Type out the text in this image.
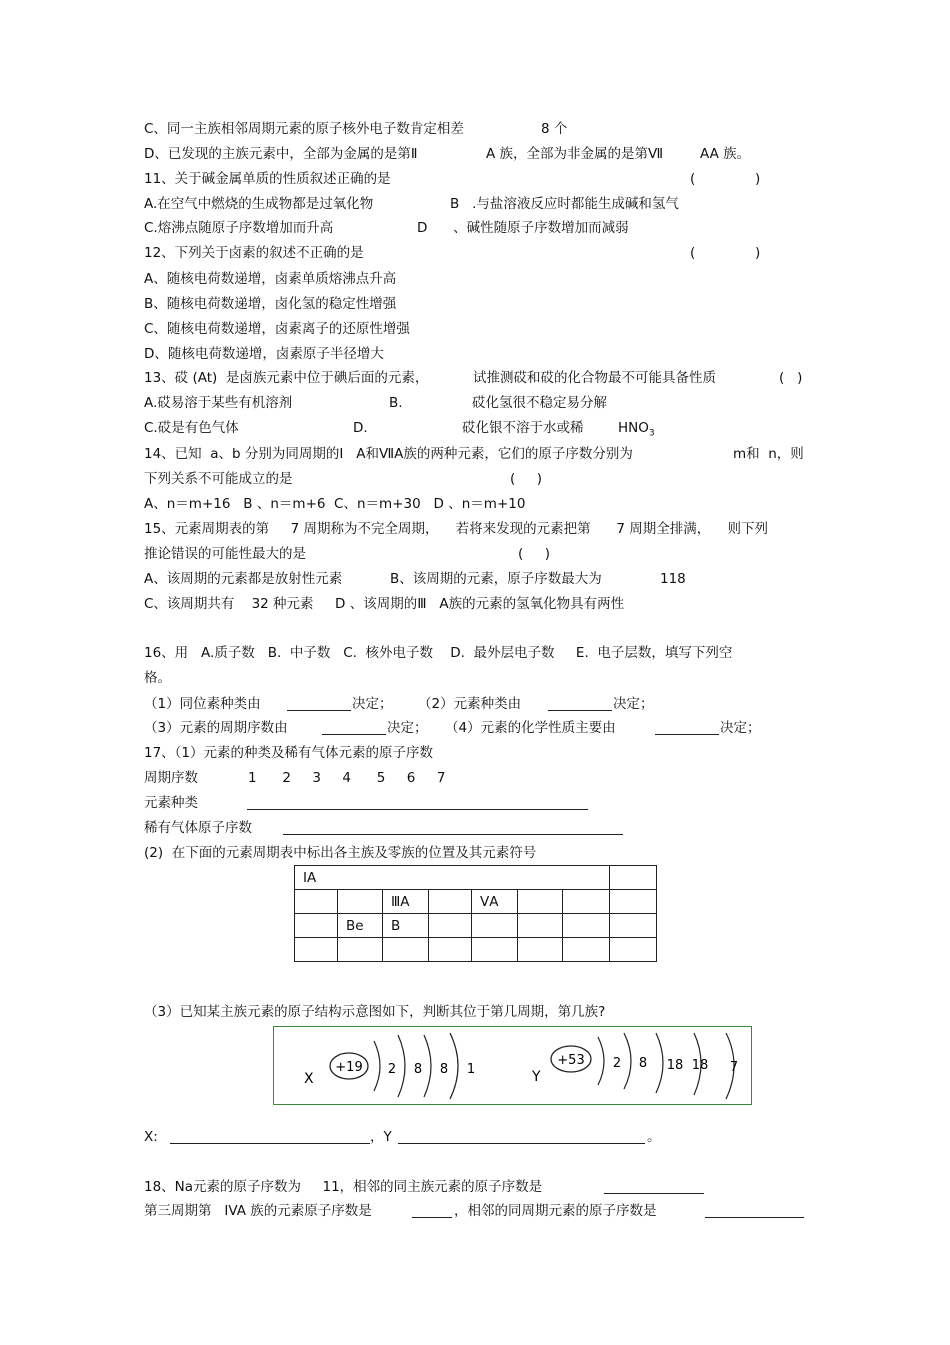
C、同一主族相邻周期元素的原子核外电子数肯定相差	8 个
D、已发现的主族元素中，全部为金属的是第Ⅱ	A 族，全部为非金属的是第Ⅶ	AA 族。
11、关于碱金属单质的性质叙述正确的是	(	)
A.在空气中燃烧的生成物都是过氧化物	B   .与盐溶液反应时都能生成碱和氢气
C.熔沸点随原子序数增加而升高	D      、碱性随原子序数增加而减弱
12、下列关于卤素的叙述不正确的是	(	)
A、随核电荷数递增，卤素单质熔沸点升高
B、随核电荷数递增，卤化氢的稳定性增强
C、随核电荷数递增，卤素离子的还原性增强
D、随核电荷数递增，卤素原子半径增大
13、砹 (At)  是卤族元素中位于碘后面的元素，	试推测砹和砹的化合物最不可能具备性质	(   )
A.砹易溶于某些有机溶剂	B.	砹化氢很不稳定易分解
C.砹是有色气体	D.	砹化银不溶于水或稀	$HNO_3$
14、已知  a、b 分别为同周期的Ⅰ   A和ⅦA族的两种元素，它们的原子序数分别为	m和  n，则
下列关系不可能成立的是	(     )
A、n＝m+16   B 、n＝m+6  C、n＝m+30   D 、n＝m+10
15、元素周期表的第     7 周期称为不完全周期，    若将来发现的元素把第      7 周期全排满，    则下列
推论错误的可能性最大的是	(     )
A、该周期的元素都是放射性元素	B、该周期的元素，原子序数最大为	118
C、该周期共有    32 种元素     D 、该周期的Ⅲ   A族的元素的氢氧化物具有两性
16、用   A.质子数   B.  中子数   C.  核外电子数    D.  最外层电子数     E.  电子层数，填写下列空
格。
（1）同位素种类由	决定； （2）元素种类由	决定；
（3）元素的周期序数由	决定； （4）元素的化学性质主要由	决定；
17、（1）元素的种类及稀有气体元素的原子序数
周期序数	1      2     3     4      5     6     7
元素种类
稀有气体原子序数
(2)  在下面的元素周期表中标出各主族及零族的位置及其元素符号
ⅠA							
		ⅢA		ⅤA			
	Be	B					

（3）已知某主族元素的原子结构示意图如下，判断其位于第几周期，第几族?
X
+19 2 8 8 1	Y
+53 2 8 18 18 7
X:	，Y	。
18、Na元素的原子序数为     11，相邻的同主族元素的原子序数是
第三周期第   IVA 族的元素原子序数是	，相邻的同周期元素的原子序数是
